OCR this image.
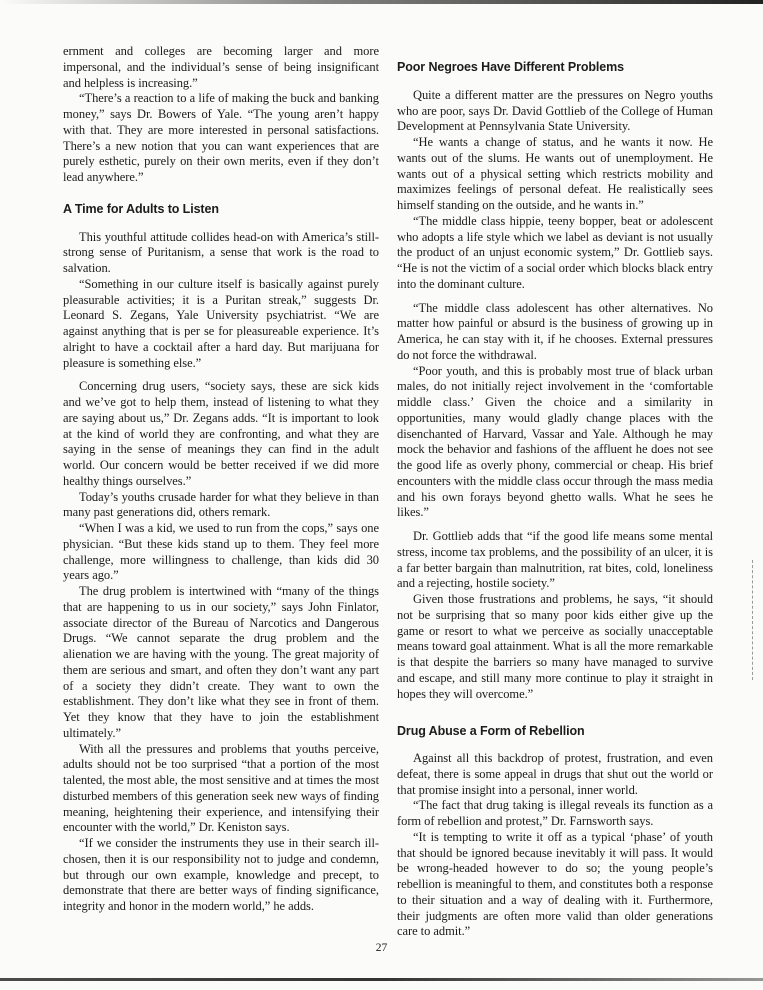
ernment and colleges are becoming larger and more impersonal, and the individual’s sense of being insignificant and helpless is increasing.”

“There’s a reaction to a life of making the buck and banking money,” says Dr. Bowers of Yale. “The young aren’t happy with that. They are more interested in personal satisfactions. There’s a new notion that you can want experiences that are purely esthetic, purely on their own merits, even if they don’t lead anywhere.”

A Time for Adults to Listen

This youthful attitude collides head-on with America’s still-strong sense of Puritanism, a sense that work is the road to salvation.

“Something in our culture itself is basically against purely pleasurable activities; it is a Puritan streak,” suggests Dr. Leonard S. Zegans, Yale University psychiatrist. “We are against anything that is per se for pleasureable experience. It’s alright to have a cocktail after a hard day. But marijuana for pleasure is something else.”

Concerning drug users, “society says, these are sick kids and we’ve got to help them, instead of listening to what they are saying about us,” Dr. Zegans adds. “It is important to look at the kind of world they are confronting, and what they are saying in the sense of meanings they can find in the adult world. Our concern would be better received if we did more healthy things ourselves.”

Today’s youths crusade harder for what they believe in than many past generations did, others remark.

“When I was a kid, we used to run from the cops,” says one physician. “But these kids stand up to them. They feel more challenge, more willingness to challenge, than kids did 30 years ago.”

The drug problem is intertwined with “many of the things that are happening to us in our society,” says John Finlator, associate director of the Bureau of Narcotics and Dangerous Drugs. “We cannot separate the drug problem and the alienation we are having with the young. The great majority of them are serious and smart, and often they don’t want any part of a society they didn’t create. They want to own the establishment. They don’t like what they see in front of them. Yet they know that they have to join the establishment ultimately.”

With all the pressures and problems that youths perceive, adults should not be too surprised “that a portion of the most talented, the most able, the most sensitive and at times the most disturbed members of this generation seek new ways of finding meaning, heightening their experience, and intensifying their encounter with the world,” Dr. Keniston says.

“If we consider the instruments they use in their search ill-chosen, then it is our responsibility not to judge and condemn, but through our own example, knowledge and precept, to demonstrate that there are better ways of finding significance, integrity and honor in the modern world,” he adds.

Poor Negroes Have Different Problems

Quite a different matter are the pressures on Negro youths who are poor, says Dr. David Gottlieb of the College of Human Development at Pennsylvania State University.

“He wants a change of status, and he wants it now. He wants out of the slums. He wants out of unemployment. He wants out of a physical setting which restricts mobility and maximizes feelings of personal defeat. He realistically sees himself standing on the outside, and he wants in.”

“The middle class hippie, teeny bopper, beat or adolescent who adopts a life style which we label as deviant is not usually the product of an unjust economic system,” Dr. Gottlieb says. “He is not the victim of a social order which blocks black entry into the dominant culture.

“The middle class adolescent has other alternatives. No matter how painful or absurd is the business of growing up in America, he can stay with it, if he chooses. External pressures do not force the withdrawal.

“Poor youth, and this is probably most true of black urban males, do not initially reject involvement in the ‘comfortable middle class.’ Given the choice and a similarity in opportunities, many would gladly change places with the disenchanted of Harvard, Vassar and Yale. Although he may mock the behavior and fashions of the affluent he does not see the good life as overly phony, commercial or cheap. His brief encounters with the middle class occur through the mass media and his own forays beyond ghetto walls. What he sees he likes.”

Dr. Gottlieb adds that “if the good life means some mental stress, income tax problems, and the possibility of an ulcer, it is a far better bargain than malnutrition, rat bites, cold, loneliness and a rejecting, hostile society.”

Given those frustrations and problems, he says, “it should not be surprising that so many poor kids either give up the game or resort to what we perceive as socially unacceptable means toward goal attainment. What is all the more remarkable is that despite the barriers so many have managed to survive and escape, and still many more continue to play it straight in hopes they will overcome.”

Drug Abuse a Form of Rebellion

Against all this backdrop of protest, frustration, and even defeat, there is some appeal in drugs that shut out the world or that promise insight into a personal, inner world.

“The fact that drug taking is illegal reveals its function as a form of rebellion and protest,” Dr. Farnsworth says.

“It is tempting to write it off as a typical ‘phase’ of youth that should be ignored because inevitably it will pass. It would be wrong-headed however to do so; the young people’s rebellion is meaningful to them, and constitutes both a response to their situation and a way of dealing with it. Furthermore, their judgments are often more valid than older generations care to admit.”

27
